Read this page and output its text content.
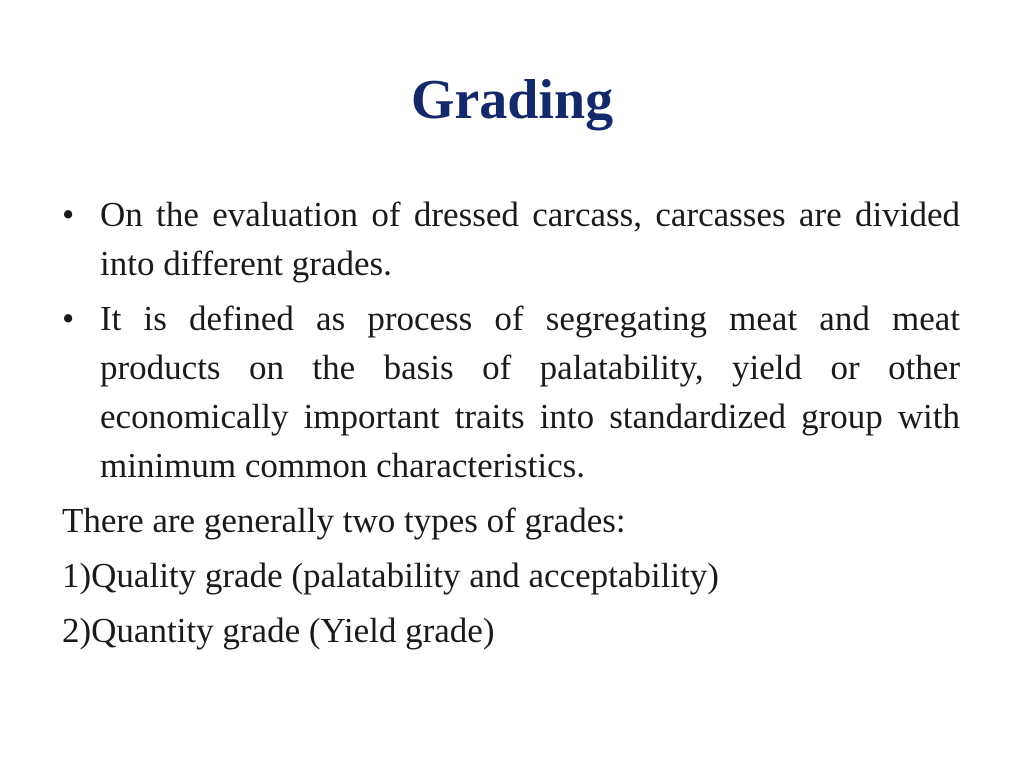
Grading
• On the evaluation of dressed carcass, carcasses are divided into different grades.
• It is defined as process of segregating meat and meat products on the basis of palatability, yield or other economically important traits into standardized group with minimum common characteristics.
There are generally two types of grades:
1)Quality grade (palatability and acceptability)
2)Quantity grade (Yield grade)
